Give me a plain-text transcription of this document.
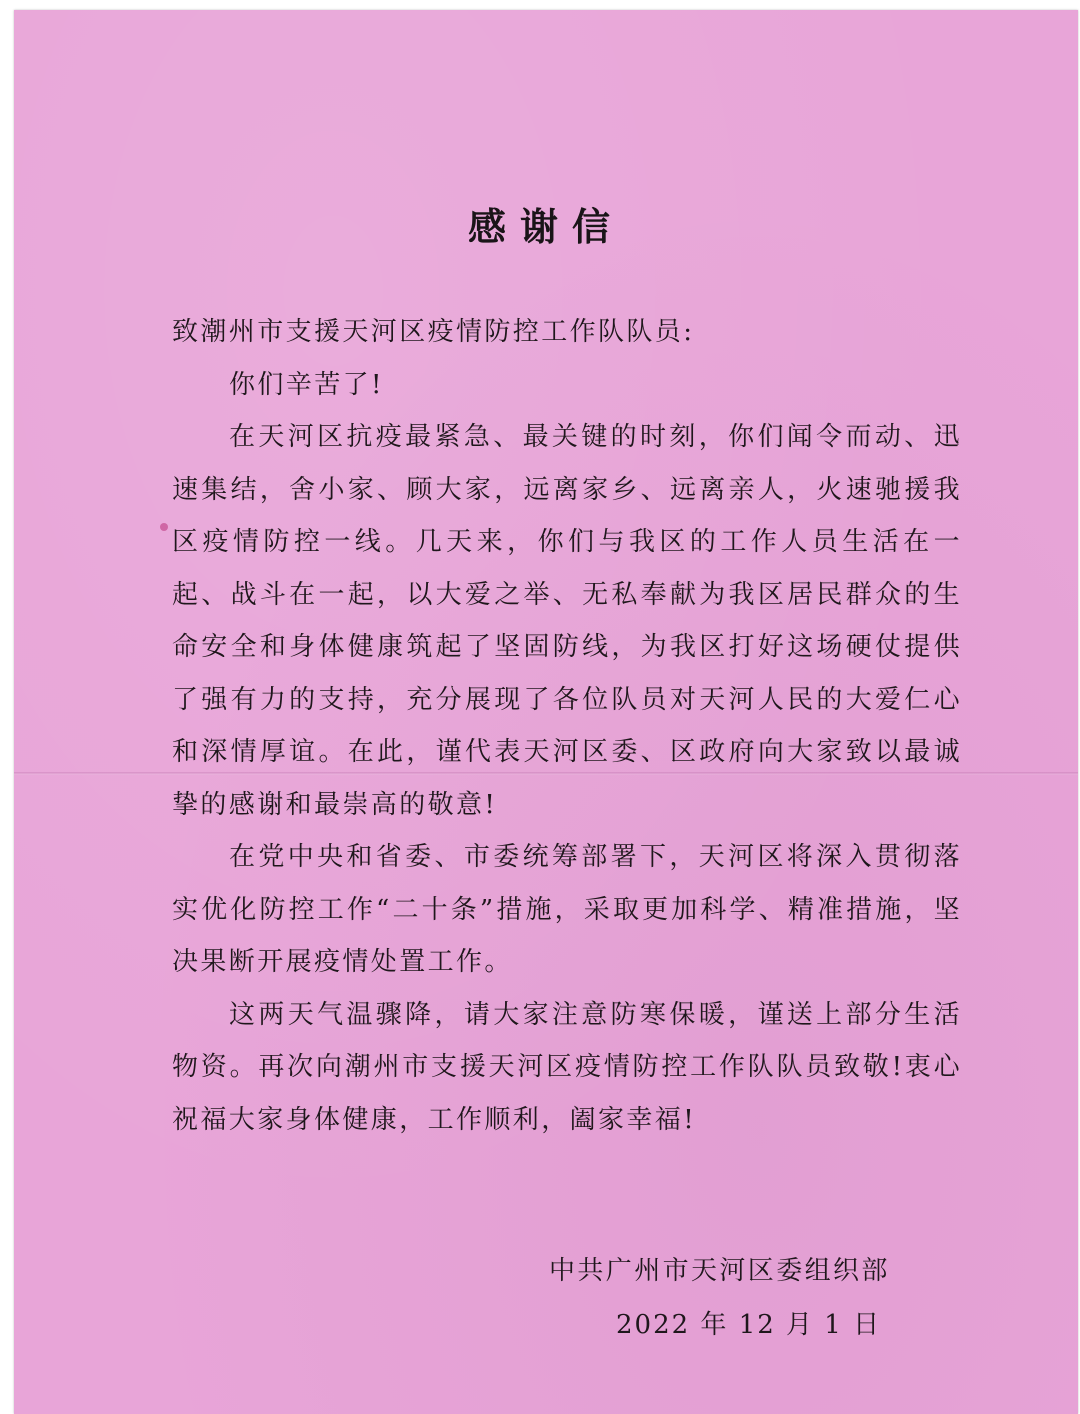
感谢信

致潮州市支援天河区疫情防控工作队队员:

你们辛苦了!

在天河区抗疫最紧急、最关键的时刻，你们闻令而动、迅速集结，舍小家、顾大家，远离家乡、远离亲人，火速驰援我区疫情防控一线。几天来，你们与我区的工作人员生活在一起、战斗在一起，以大爱之举、无私奉献为我区居民群众的生命安全和身体健康筑起了坚固防线，为我区打好这场硬仗提供了强有力的支持，充分展现了各位队员对天河人民的大爱仁心和深情厚谊。在此，谨代表天河区委、区政府向大家致以最诚挚的感谢和最崇高的敬意!

在党中央和省委、市委统筹部署下，天河区将深入贯彻落实优化防控工作“二十条”措施，采取更加科学、精准措施，坚决果断开展疫情处置工作。

这两天气温骤降，请大家注意防寒保暖，谨送上部分生活物资。再次向潮州市支援天河区疫情防控工作队队员致敬!衷心祝福大家身体健康，工作顺利，阖家幸福!

中共广州市天河区委组织部
2022 年 12 月 1 日
